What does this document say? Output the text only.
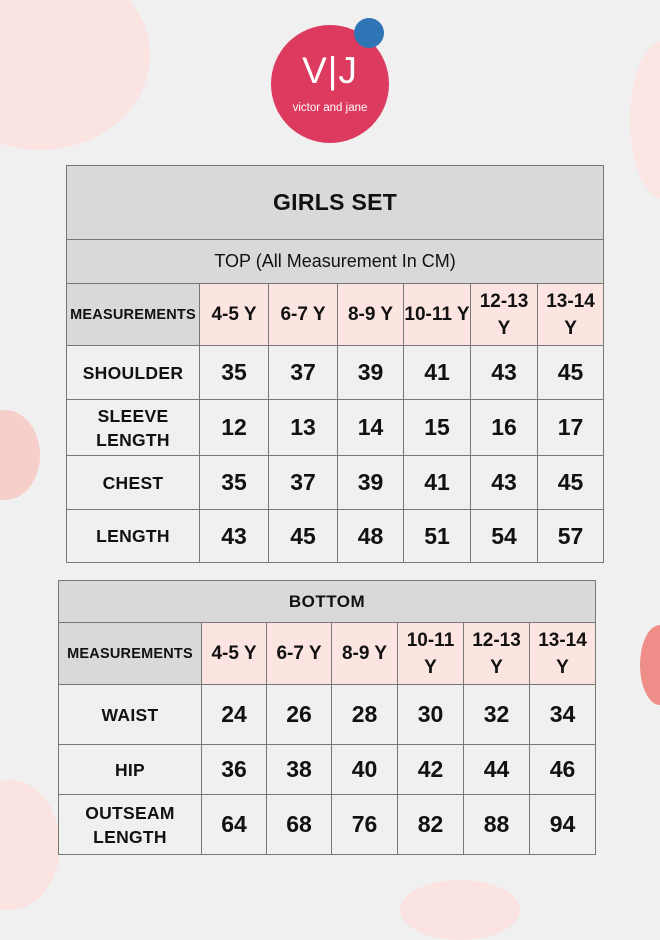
V|J
victor and jane
GIRLS SET						
TOP (All Measurement In CM)						
MEASUREMENTS	4-5 Y	6-7 Y	8-9 Y	10-11 Y	12-13 Y	13-14 Y
SHOULDER	35	37	39	41	43	45
SLEEVE LENGTH	12	13	14	15	16	17
CHEST	35	37	39	41	43	45
LENGTH	43	45	48	51	54	57
BOTTOM						
MEASUREMENTS	4-5 Y	6-7 Y	8-9 Y	10-11 Y	12-13 Y	13-14 Y
WAIST	24	26	28	30	32	34
HIP	36	38	40	42	44	46
OUTSEAM LENGTH	64	68	76	82	88	94
